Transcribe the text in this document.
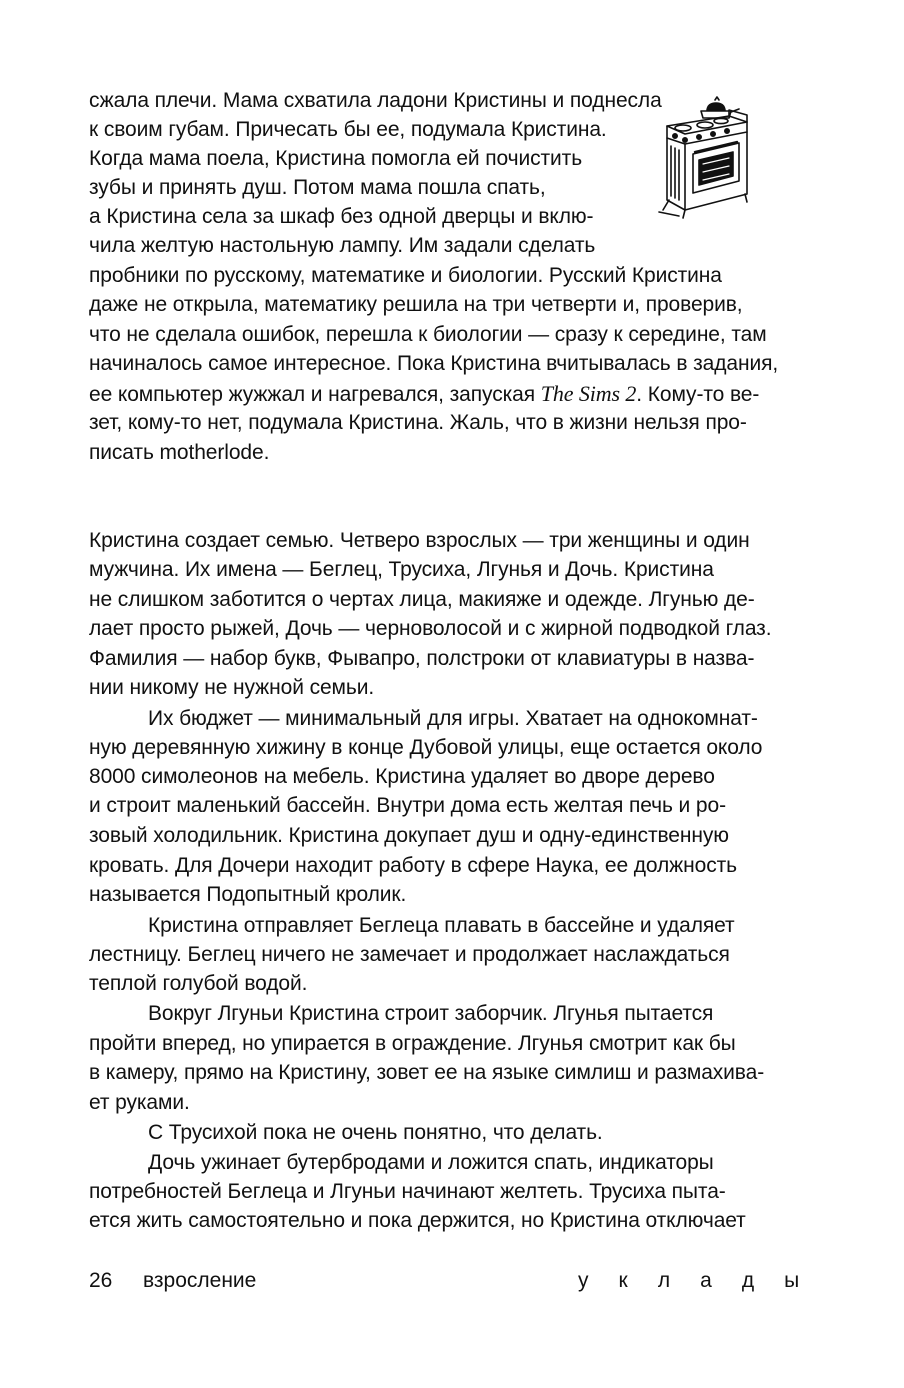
сжала плечи. Мама схватила ладони Кристины и поднесла
к своим губам. Причесать бы ее, подумала Кристина.
Когда мама поела, Кристина помогла ей почистить
зубы и принять душ. Потом мама пошла спать,
а Кристина села за шкаф без одной дверцы и вклю-
чила желтую настольную лампу. Им задали сделать
пробники по русскому, математике и биологии. Русский Кристина
даже не открыла, математику решила на три четверти и, проверив,
что не сделала ошибок, перешла к биологии — сразу к середине, там
начиналось самое интересное. Пока Кристина вчитывалась в задания,
ее компьютер жужжал и нагревался, запуская The Sims 2. Кому-то ве-
зет, кому-то нет, подумала Кристина. Жаль, что в жизни нельзя про-
писать motherlode.
Кристина создает семью. Четверо взрослых — три женщины и один
мужчина. Их имена — Беглец, Трусиха, Лгунья и Дочь. Кристина
не слишком заботится о чертах лица, макияже и одежде. Лгунью де-
лает просто рыжей, Дочь — черноволосой и с жирной подводкой глаз.
Фамилия — набор букв, Фывапро, полстроки от клавиатуры в назва-
нии никому не нужной семьи.
Их бюджет — минимальный для игры. Хватает на однокомнат-
ную деревянную хижину в конце Дубовой улицы, еще остается около
8000 симолеонов на мебель. Кристина удаляет во дворе дерево
и строит маленький бассейн. Внутри дома есть желтая печь и ро-
зовый холодильник. Кристина докупает душ и одну-единственную
кровать. Для Дочери находит работу в сфере Наука, ее должность
называется Подопытный кролик.
Кристина отправляет Беглеца плавать в бассейне и удаляет
лестницу. Беглец ничего не замечает и продолжает наслаждаться
теплой голубой водой.
Вокруг Лгуньи Кристина строит заборчик. Лгунья пытается
пройти вперед, но упирается в ограждение. Лгунья смотрит как бы
в камеру, прямо на Кристину, зовет ее на языке симлиш и размахива-
ет руками.
С Трусихой пока не очень понятно, что делать.
Дочь ужинает бутербродами и ложится спать, индикаторы
потребностей Беглеца и Лгуньи начинают желтеть. Трусиха пыта-
ется жить самостоятельно и пока держится, но Кристина отключает
26 взросление	уклады
